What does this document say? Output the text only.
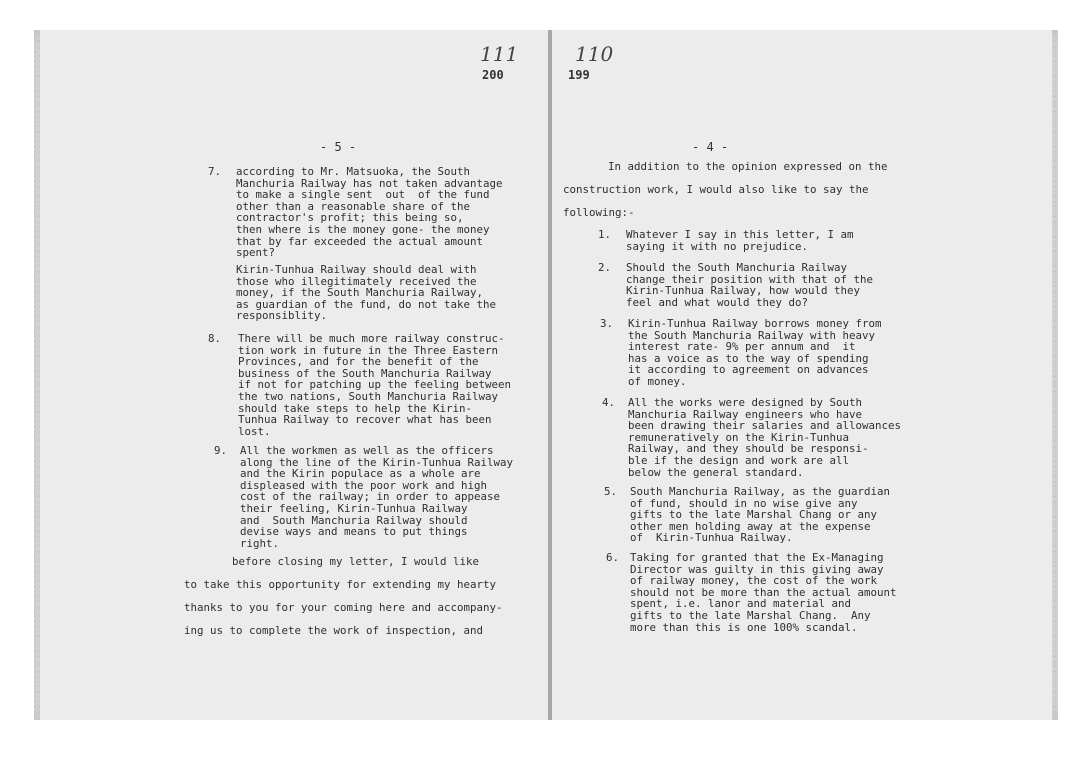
111
200
- 5 -
7. according to Mr. Matsuoka, the South
Manchuria Railway has not taken advantage
to make a single sent  out  of the fund
other than a reasonable share of the
contractor's profit; this being so,
then where is the money gone- the money
that by far exceeded the actual amount
spent?
Kirin-Tunhua Railway should deal with
those who illegitimately received the
money, if the South Manchuria Railway,
as guardian of the fund, do not take the
responsiblity.
8. There will be much more railway construc-
tion work in future in the Three Eastern
Provinces, and for the benefit of the
business of the South Manchuria Railway
if not for patching up the feeling between
the two nations, South Manchuria Railway
should take steps to help the Kirin-
Tunhua Railway to recover what has been
lost.
9. All the workmen as well as the officers
along the line of the Kirin-Tunhua Railway
and the Kirin populace as a whole are
displeased with the poor work and high
cost of the railway; in order to appease
their feeling, Kirin-Tunhua Railway
and  South Manchuria Railway should
devise ways and means to put things
right.
before closing my letter, I would like
to take this opportunity for extending my hearty
thanks to you for your coming here and accompany-
ing us to complete the work of inspection, and
110
199
- 4 -
In addition to the opinion expressed on the
construction work, I would also like to say the
following:-
1. Whatever I say in this letter, I am
saying it with no prejudice.
2. Should the South Manchuria Railway
change their position with that of the
Kirin-Tunhua Railway, how would they
feel and what would they do?
3. Kirin-Tunhua Railway borrows money from
the South Manchuria Railway with heavy
interest rate- 9% per annum and  it
has a voice as to the way of spending
it according to agreement on advances
of money.
4. All the works were designed by South
Manchuria Railway engineers who have
been drawing their salaries and allowances
remuneratively on the Kirin-Tunhua
Railway, and they should be responsi-
ble if the design and work are all
below the general standard.
5. South Manchuria Railway, as the guardian
of fund, should in no wise give any
gifts to the late Marshal Chang or any
other men holding away at the expense
of  Kirin-Tunhua Railway.
6. Taking for granted that the Ex-Managing
Director was guilty in this giving away
of railway money, the cost of the work
should not be more than the actual amount
spent, i.e. lanor and material and
gifts to the late Marshal Chang.  Any
more than this is one 100% scandal.
